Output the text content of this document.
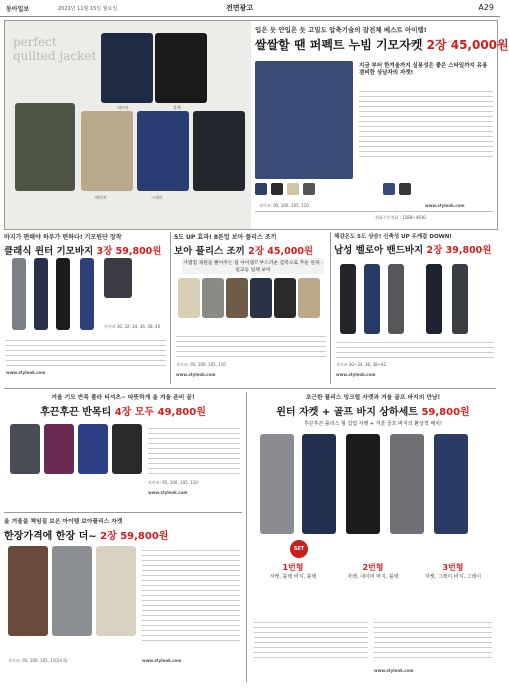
동아일보	2021년 11월 15일 월요일	전면광고	A29
perfect quilted jacket
네이비	블랙
베이지	그레이
입은 듯 안입은 듯 고밀도 압축기술의 잡전체 베스트 아이템!
쌀쌀할 땐 퍼펙트 누빔 기모자켓 2장 45,000원
지금 부터 한겨울까지 실용성은 좋은 스타일까지 유용 겸비한 상남자의 자켓!
사이즈: 95, 100, 105, 110	www.styleok.com
전화주문전화 : 1588~4930
바지가 편해야 하루가 편하다! 기모원단 장착
클래식 윈터 기모바지 3장 59,800원
사이즈 30, 32, 34, 36, 38, 40
www.styleok.com
5도 UP 효과! 8톤업 보아 플리스 조끼
보아 플리스 조끼 2장 45,000원
가볍힐 제원을 빨아주는 웜 아이템!! 부드러운 감촉으로 추운 한파 · 일교등 일체 보이
사이즈: 95, 100, 105, 110
www.styleok.com
체감온도 5도 상승! 신축성 UP 우케잡 DOWN!
남성 벨로아 밴드바지 2장 39,800원
사이즈 30~34, 36, 38~42
www.styleok.com
겨울 기모 반목 폴라 티셔츠~ 따뜻하게 올 겨울 준비 끝!
후끈후끈 반목티 4장 모두 49,800원
사이즈: 95, 100, 105, 110
www.styleok.com
포근한 플리스 밍크털 자켓과 겨울 골프 바지의 만남!
윈터 자켓 + 골프 바지 상하세트 59,800원
후끈후끈 플리스 형 집업 자켓 + 겨울 골프 바지의 환상적 매치!
SET
1번형
자켓, 블랙 바지, 블랙
2번형
자켓, 네이비 바지, 블랙
3번형
자켓, 그레이 바지, 그레이
www.styleok.com
올 겨울을 책임질 보온 아이템 보아플리스 자켓
한장가격에 한장 더~ 2장 59,800원
사이즈: 95, 100, 105, 110(4-5)	www.styleok.com
